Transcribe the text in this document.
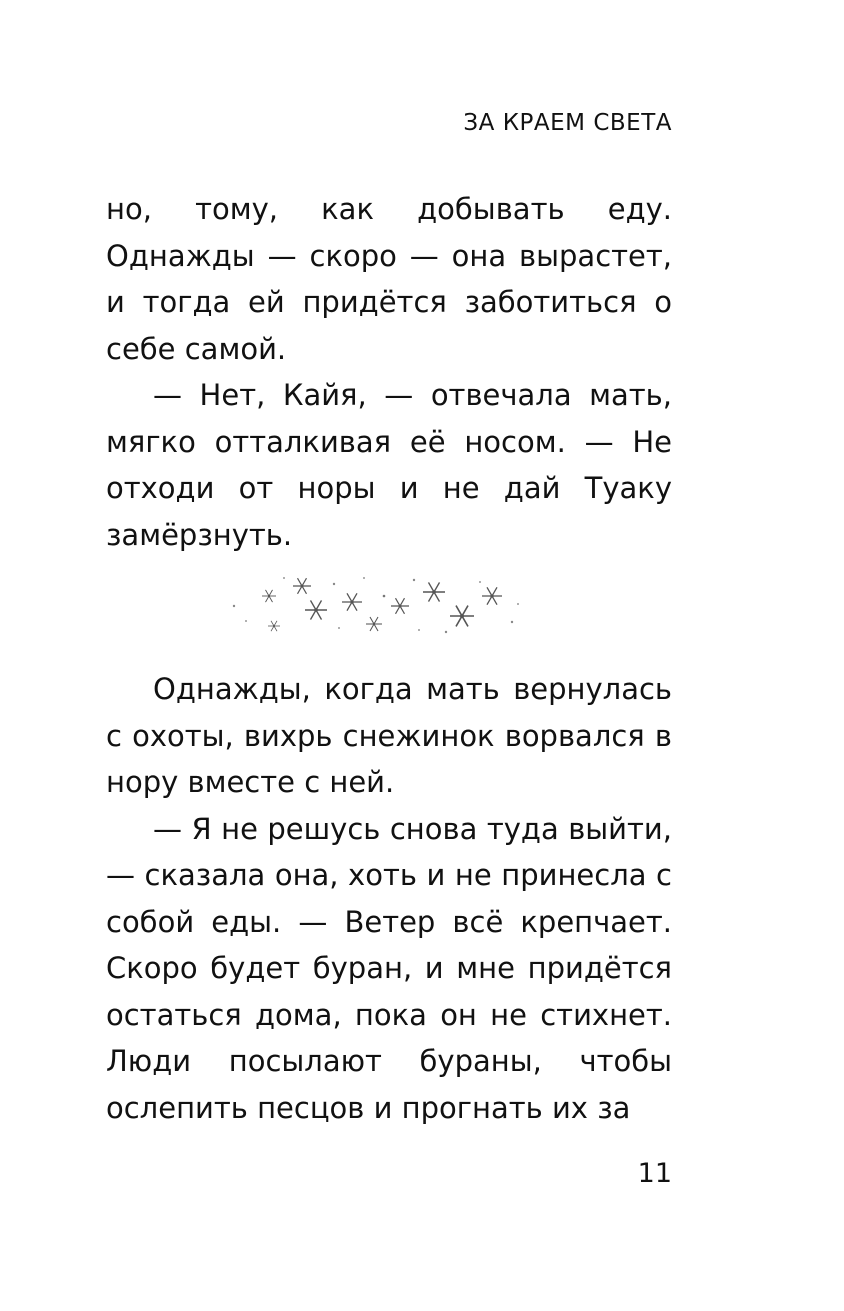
ЗА КРАЕМ СВЕТА

но, тому, как добывать еду. Однажды — скоро — она вырастет, и тогда ей придётся заботиться о себе самой.

— Нет, Кайя, — отвечала мать, мягко отталкивая её носом. — Не отходи от норы и не дай Туаку замёрзнуть.

Однажды, когда мать вернулась с охоты, вихрь снежинок ворвался в нору вместе с ней.

— Я не решусь снова туда выйти, — сказала она, хоть и не принесла с собой еды. — Ветер всё крепчает. Скоро будет буран, и мне придётся остаться дома, пока он не стихнет. Люди посылают бураны, чтобы ослепить песцов и прогнать их за

11
